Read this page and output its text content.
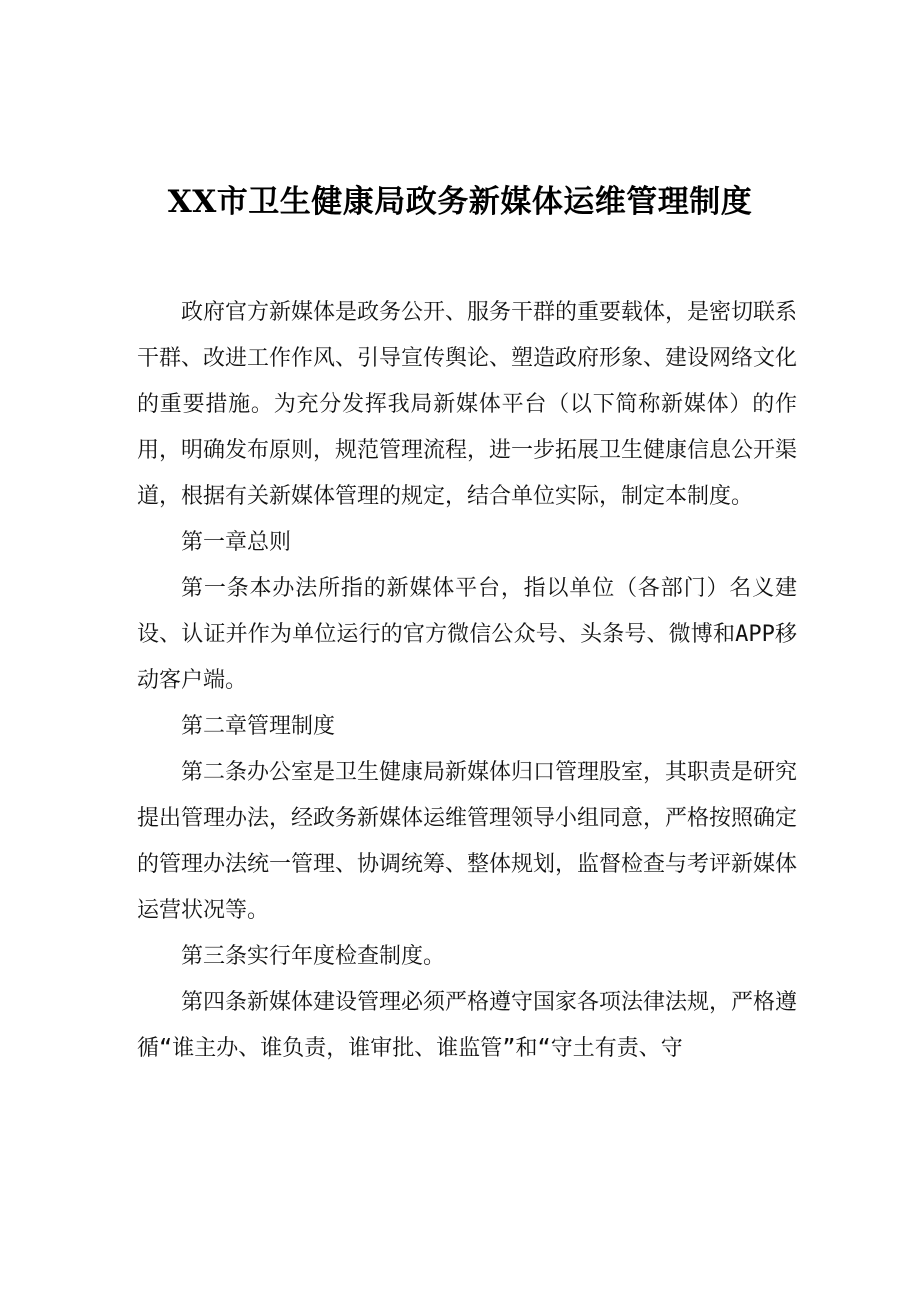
XX市卫生健康局政务新媒体运维管理制度

政府官方新媒体是政务公开、服务干群的重要载体，是密切联系干群、改进工作作风、引导宣传舆论、塑造政府形象、建设网络文化的重要措施。为充分发挥我局新媒体平台（以下简称新媒体）的作用，明确发布原则，规范管理流程，进一步拓展卫生健康信息公开渠道，根据有关新媒体管理的规定，结合单位实际，制定本制度。

第一章总则

第一条本办法所指的新媒体平台，指以单位（各部门）名义建设、认证并作为单位运行的官方微信公众号、头条号、微博和APP移动客户端。

第二章管理制度

第二条办公室是卫生健康局新媒体归口管理股室，其职责是研究提出管理办法，经政务新媒体运维管理领导小组同意，严格按照确定的管理办法统一管理、协调统筹、整体规划，监督检查与考评新媒体运营状况等。

第三条实行年度检查制度。

第四条新媒体建设管理必须严格遵守国家各项法律法规，严格遵循“谁主办、谁负责，谁审批、谁监管”和“守土有责、守
